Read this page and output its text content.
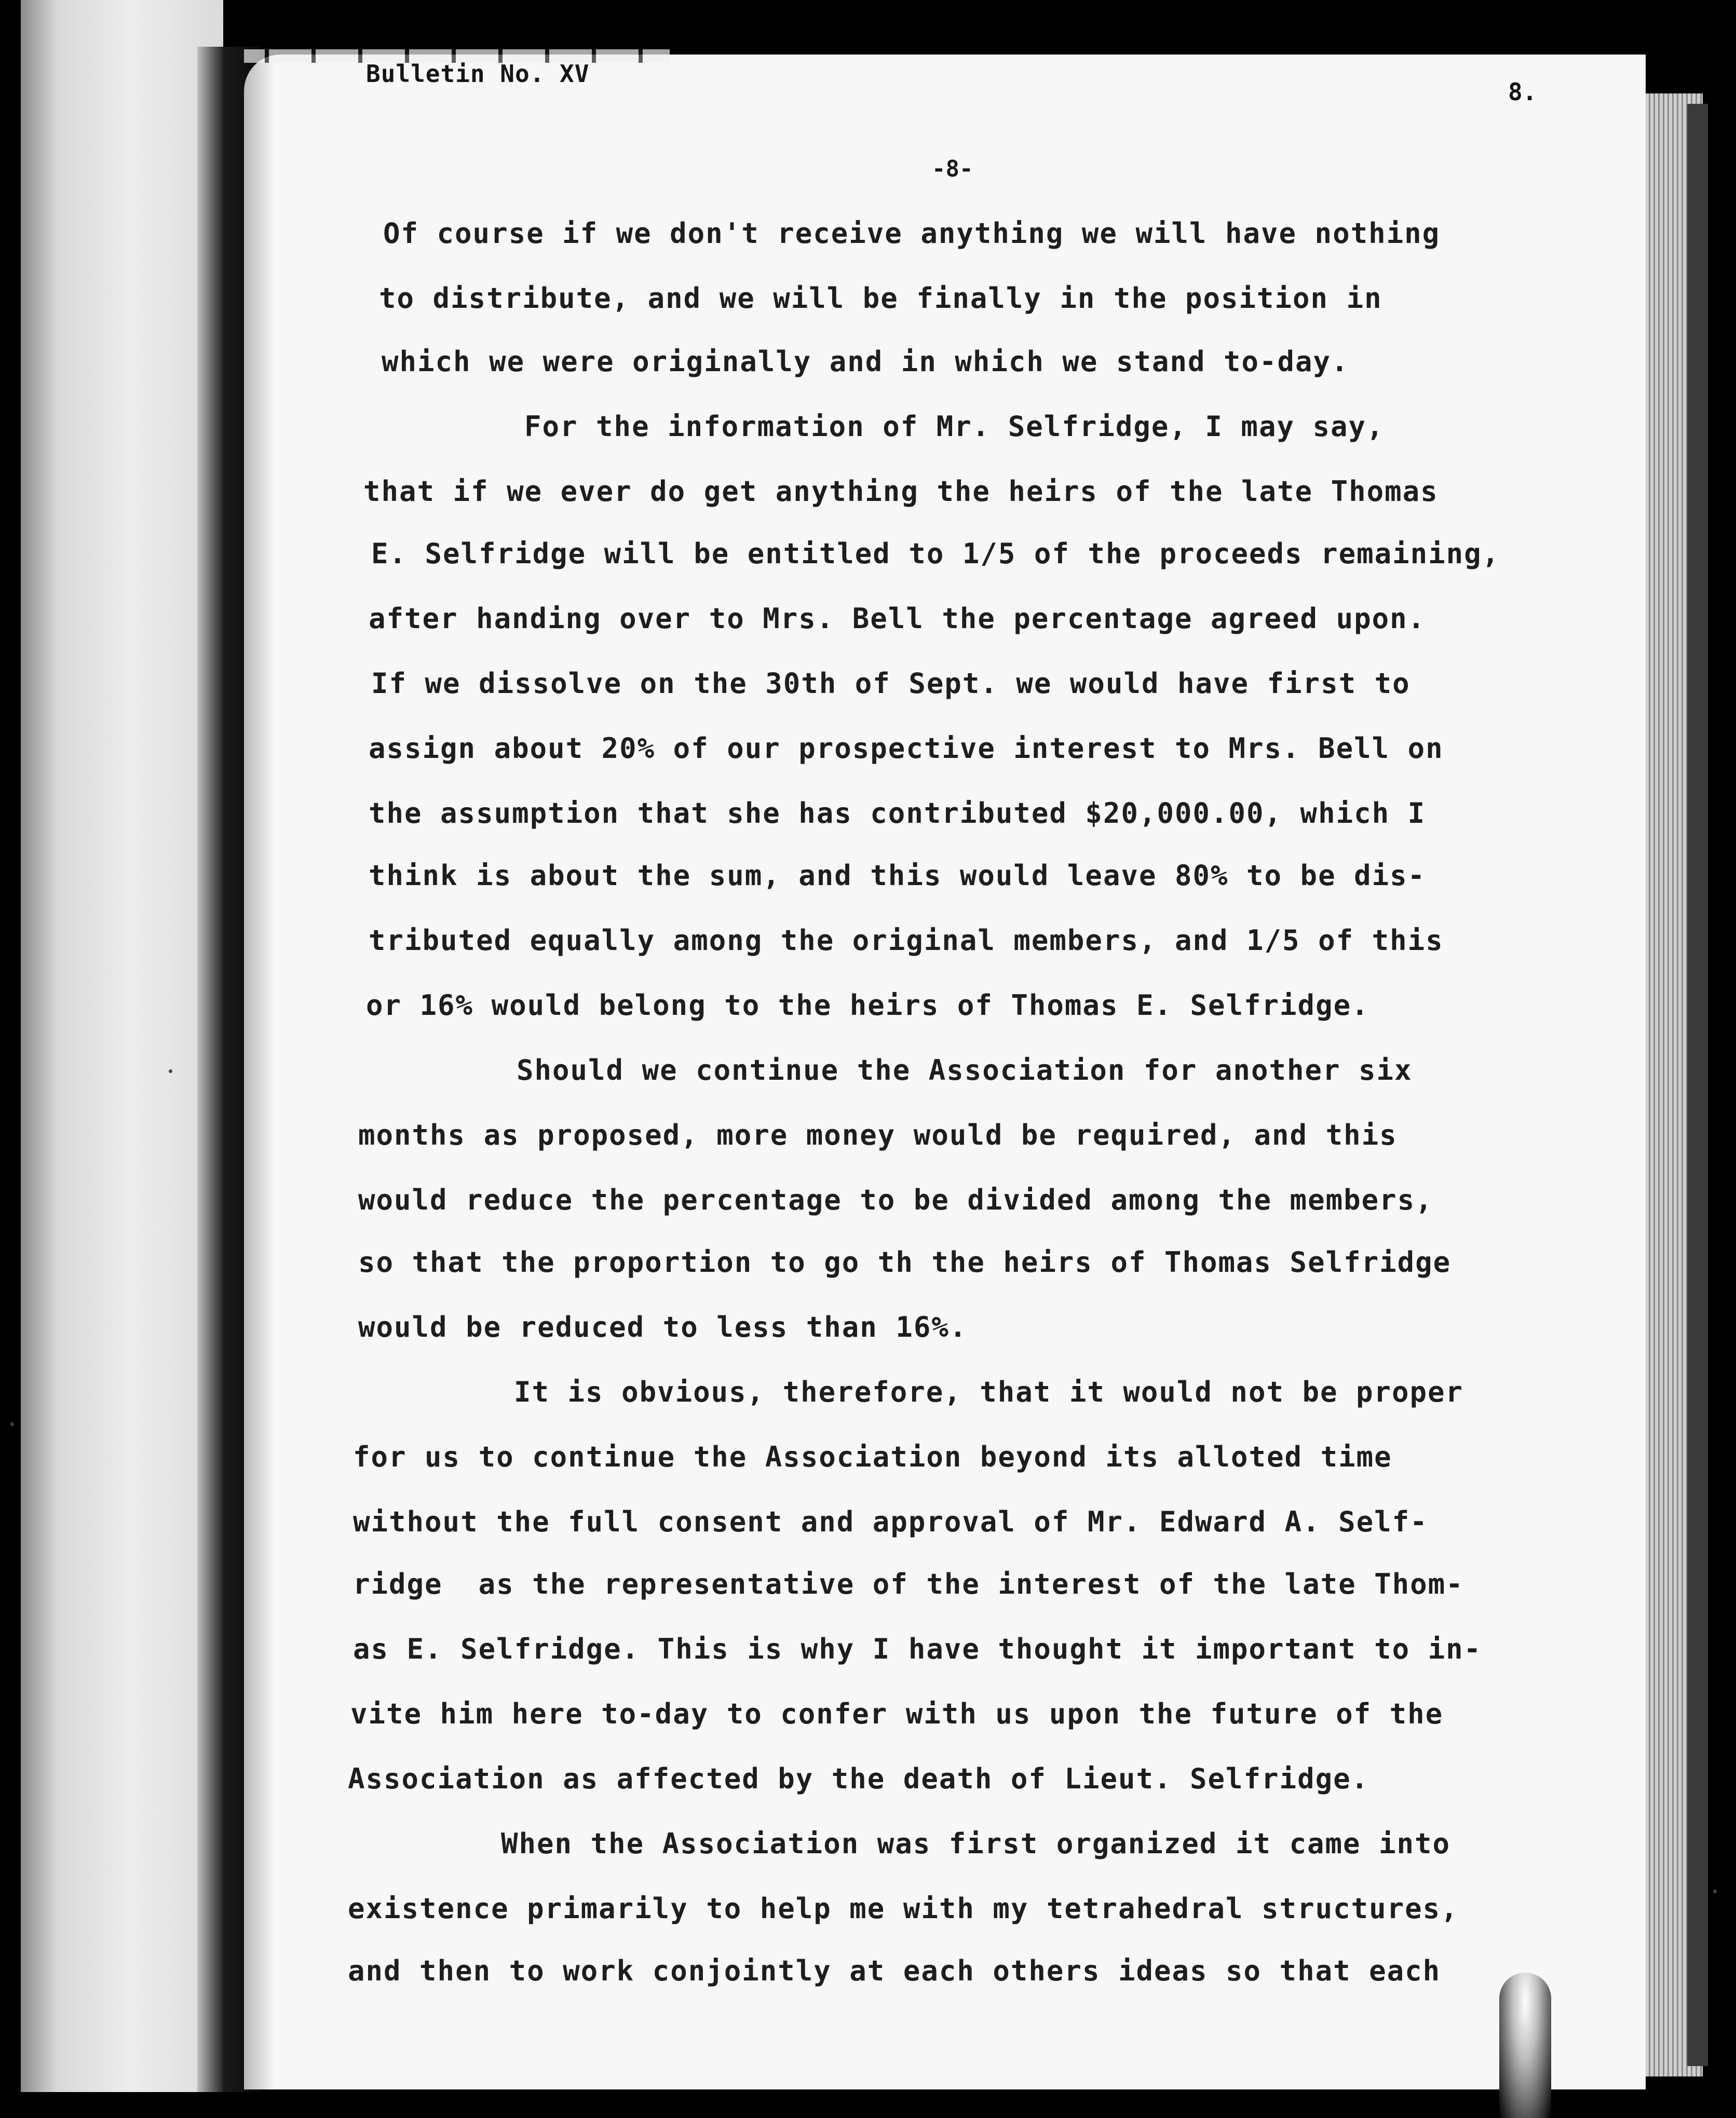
Bulletin No. XV
8.
-8-
Of course if we don't receive anything we will have nothing
to distribute, and we will be finally in the position in
which we were originally and in which we stand to-day.
For the information of Mr. Selfridge, I may say,
that if we ever do get anything the heirs of the late Thomas
E. Selfridge will be entitled to 1/5 of the proceeds remaining,
after handing over to Mrs. Bell the percentage agreed upon.
If we dissolve on the 30th of Sept. we would have first to
assign about 20% of our prospective interest to Mrs. Bell on
the assumption that she has contributed $20,000.00, which I
think is about the sum, and this would leave 80% to be dis-
tributed equally among the original members, and 1/5 of this
or 16% would belong to the heirs of Thomas E. Selfridge.
Should we continue the Association for another six
months as proposed, more money would be required, and this
would reduce the percentage to be divided among the members,
so that the proportion to go th the heirs of Thomas Selfridge
would be reduced to less than 16%.
It is obvious, therefore, that it would not be proper
for us to continue the Association beyond its alloted time
without the full consent and approval of Mr. Edward A. Self-
ridge  as the representative of the interest of the late Thom-
as E. Selfridge. This is why I have thought it important to in-
vite him here to-day to confer with us upon the future of the
Association as affected by the death of Lieut. Selfridge.
When the Association was first organized it came into
existence primarily to help me with my tetrahedral structures,
and then to work conjointly at each others ideas so that each
